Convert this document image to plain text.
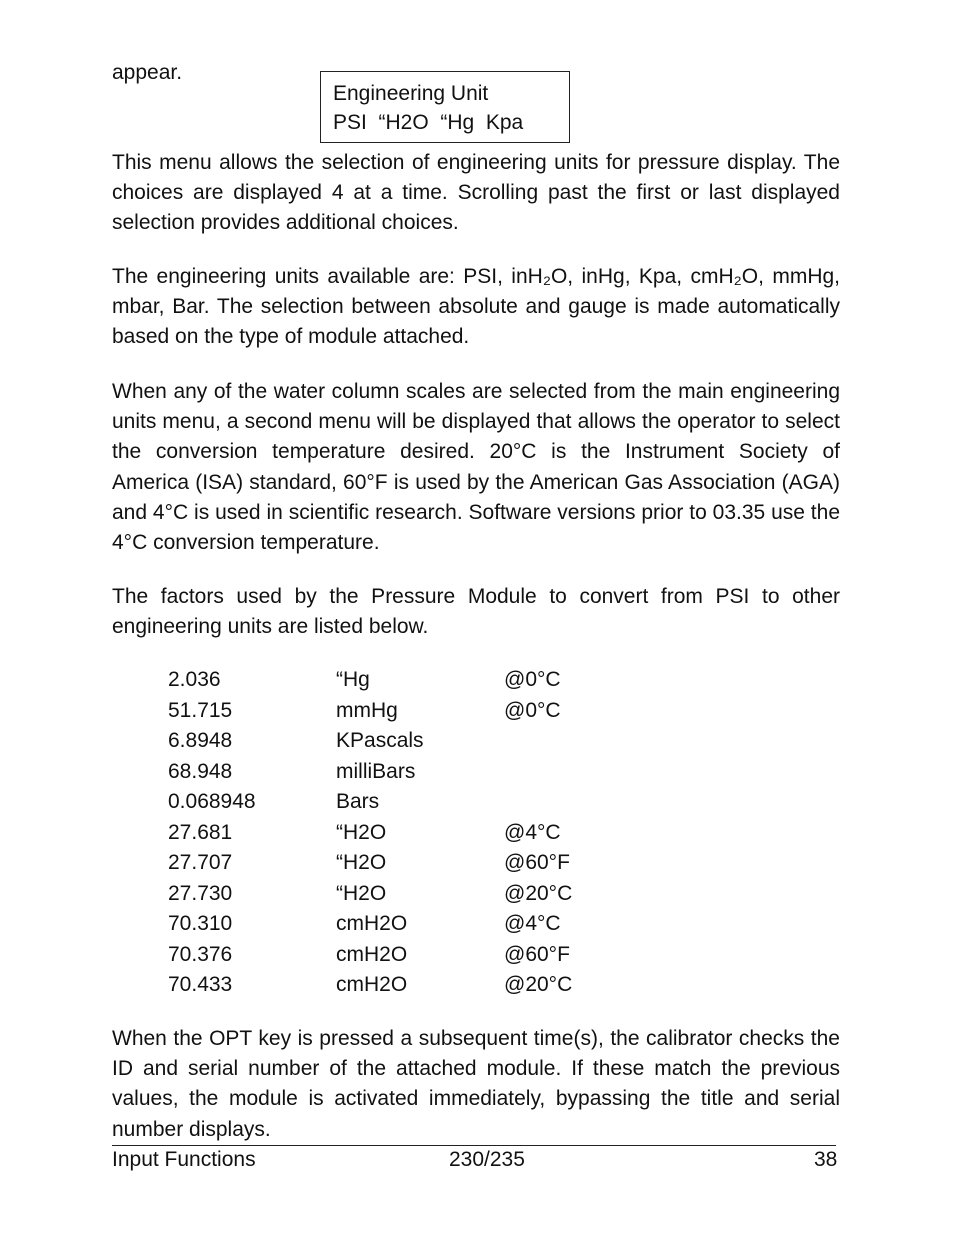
appear.
Engineering Unit
PSI  “H2O  “Hg  Kpa
This menu allows the selection of engineering units for pressure display. The choices are displayed 4 at a time. Scrolling past the first or last displayed selection provides additional choices.
The engineering units available are: PSI, inH₂O, inHg, Kpa, cmH₂O, mmHg, mbar, Bar. The selection between absolute and gauge is made automatically based on the type of module attached.
When any of the water column scales are selected from the main engineering units menu, a second menu will be displayed that allows the operator to select the conversion temperature desired. 20°C is the Instrument Society of America (ISA) standard, 60°F is used by the American Gas Association (AGA) and 4°C is used in scientific research. Software versions prior to 03.35 use the 4°C conversion temperature.
The factors used by the Pressure Module to convert from PSI to other engineering units are listed below.
2.036	“Hg	@0°C
51.715	mmHg	@0°C
6.8948	KPascals
68.948	milliBars
0.068948	Bars
27.681	“H2O	@4°C
27.707	“H2O	@60°F
27.730	“H2O	@20°C
70.310	cmH2O	@4°C
70.376	cmH2O	@60°F
70.433	cmH2O	@20°C
When the OPT key is pressed a subsequent time(s), the calibrator checks the ID and serial number of the attached module. If these match the previous values, the module is activated immediately, bypassing the title and serial number displays.
Input Functions	230/235	38
